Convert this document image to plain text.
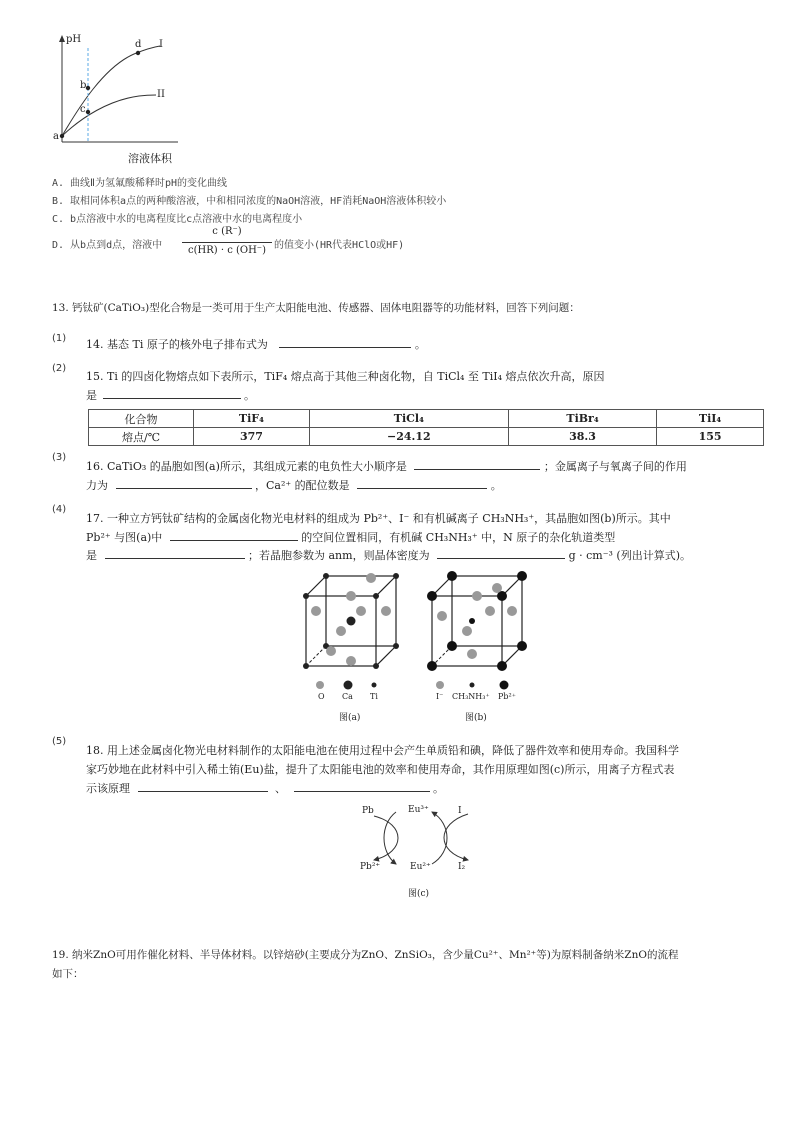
pH	I
II
a
b
c
d
溶液体积
A. 曲线Ⅱ为氢氟酸稀释时pH的变化曲线
B. 取相同体积a点的两种酸溶液，中和相同浓度的NaOH溶液，HF消耗NaOH溶液体积较小
C. b点溶液中水的电离程度比c点溶液中水的电离程度小
D. 从b点到d点，溶液中
c (R⁻)
c(HR) · c (OH⁻) 的值变小(HR代表HClO或HF)
13. 钙钛矿(CaTiO₃)型化合物是一类可用于生产太阳能电池、传感器、固体电阻器等的功能材料，回答下列问题：
(1) 14. 基态 Ti 原子的核外电子排布式为	。
(2)
15. Ti 的四卤化物熔点如下表所示，TiF₄ 熔点高于其他三种卤化物，自 TiCl₄ 至 TiI₄ 熔点依次升高，原因
是	。
化合物	TiF₄	TiCl₄	TiBr₄	TiI₄
熔点/℃	377	−24.12	38.3	155
(3)
16. CaTiO₃ 的晶胞如图(a)所示，其组成元素的电负性大小顺序是	；金属离子与氧离子间的作用
力为	，Ca²⁺ 的配位数是	。
(4)
17. 一种立方钙钛矿结构的金属卤化物光电材料的组成为 Pb²⁺、I⁻ 和有机碱离子 CH₃NH₃⁺，其晶胞如图(b)所示。其中
Pb²⁺ 与图(a)中	的空间位置相同，有机碱 CH₃NH₃⁺ 中，N 原子的杂化轨道类型
是	；若晶胞参数为 anm，则晶体密度为	g · cm⁻³ (列出计算式)。
O Ca Ti
图(a)
I⁻ CH₃NH₃⁺ Pb²⁺
图(b)
(5)
18. 用上述金属卤化物光电材料制作的太阳能电池在使用过程中会产生单质铅和碘，降低了器件效率和使用寿命。我国科学
家巧妙地在此材料中引入稀土铕(Eu)盐，提升了太阳能电池的效率和使用寿命，其作用原理如图(c)所示，用离子方程式表
示该原理	、	。
Pb	Eu³⁺	I
Pb²⁺	Eu²⁺	I₂
图(c)
19. 纳米ZnO可用作催化材料、半导体材料。以锌焙砂(主要成分为ZnO、ZnSiO₃，含少量Cu²⁺、Mn²⁺等)为原料制备纳米ZnO的流程
如下：
